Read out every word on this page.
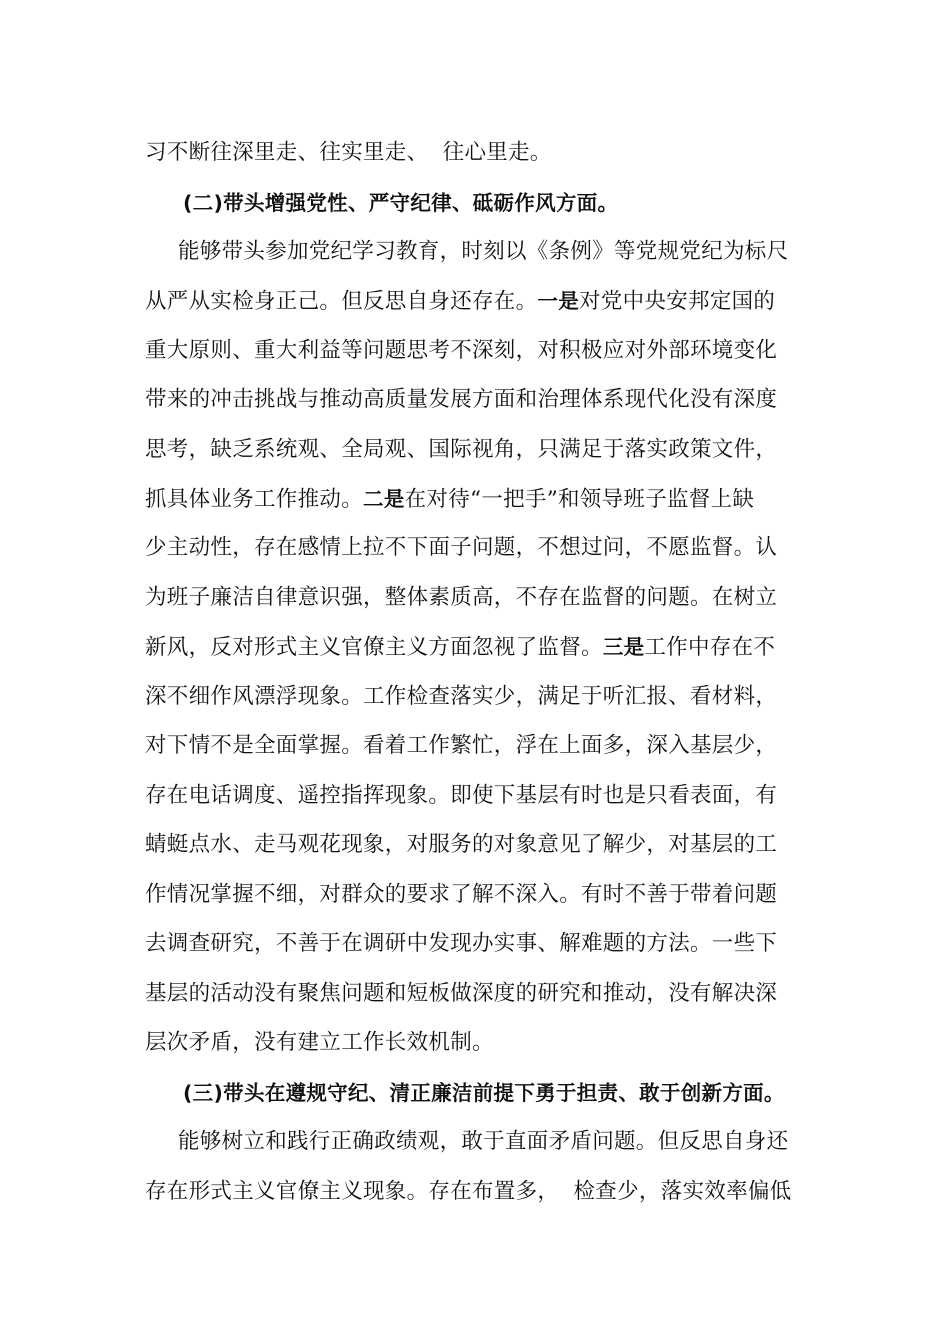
习不断往深里走、往实里走、  往心里走。
(二)带头增强党性、严守纪律、砥砺作风方面。
能够带头参加党纪学习教育，时刻以《条例》等党规党纪为标尺
从严从实检身正己。但反思自身还存在。一是对党中央安邦定国的
重大原则、重大利益等问题思考不深刻，对积极应对外部环境变化
带来的冲击挑战与推动高质量发展方面和治理体系现代化没有深度
思考，缺乏系统观、全局观、国际视角，只满足于落实政策文件，
抓具体业务工作推动。二是在对待“一把手”和领导班子监督上缺
少主动性，存在感情上拉不下面子问题，不想过问，不愿监督。认
为班子廉洁自律意识强，整体素质高，不存在监督的问题。在树立
新风，反对形式主义官僚主义方面忽视了监督。三是工作中存在不
深不细作风漂浮现象。工作检查落实少，满足于听汇报、看材料，
对下情不是全面掌握。看着工作繁忙，浮在上面多，深入基层少，
存在电话调度、遥控指挥现象。即使下基层有时也是只看表面，有
蜻蜓点水、走马观花现象，对服务的对象意见了解少，对基层的工
作情况掌握不细，对群众的要求了解不深入。有时不善于带着问题
去调查研究，不善于在调研中发现办实事、解难题的方法。一些下
基层的活动没有聚焦问题和短板做深度的研究和推动，没有解决深
层次矛盾，没有建立工作长效机制。
(三)带头在遵规守纪、清正廉洁前提下勇于担责、敢于创新方面。
能够树立和践行正确政绩观，敢于直面矛盾问题。但反思自身还
存在形式主义官僚主义现象。存在布置多，  检查少，落实效率偏低
